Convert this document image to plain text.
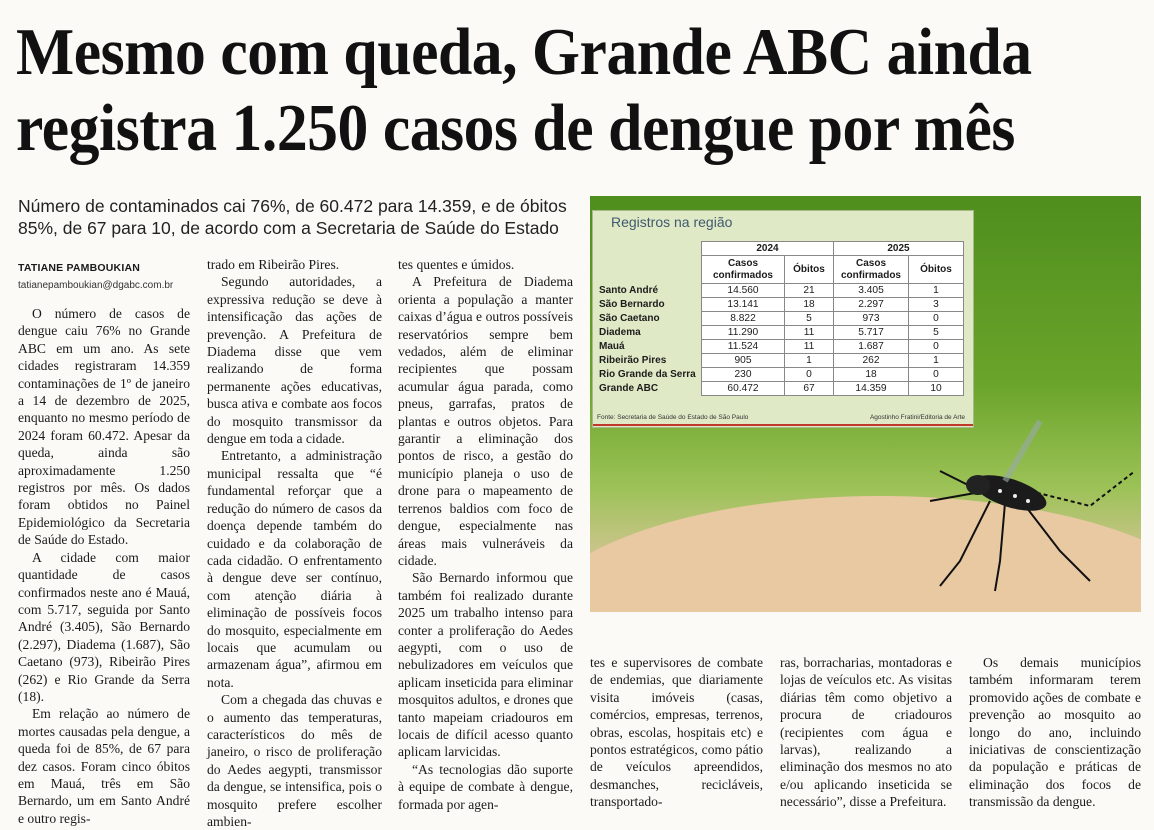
Mesmo com queda, Grande ABC ainda
registra 1.250 casos de dengue por mês
Número de contaminados cai 76%, de 60.472 para 14.359, e de óbitos 85%, de 67 para 10, de acordo com a Secretaria de Saúde do Estado
TATIANE PAMBOUKIAN
tatianepamboukian@dgabc.com.br

O número de casos de dengue caiu 76% no Grande ABC em um ano. As sete cidades registraram 14.359 contaminações de 1º de janeiro a 14 de dezembro de 2025, enquanto no mesmo período de 2024 foram 60.472. Apesar da queda, ainda são aproximadamente 1.250 registros por mês. Os dados foram obtidos no Painel Epidemiológico da Secretaria de Saúde do Estado.

A cidade com maior quantidade de casos confirmados neste ano é Mauá, com 5.717, seguida por Santo André (3.405), São Bernardo (2.297), Diadema (1.687), São Caetano (973), Ribeirão Pires (262) e Rio Grande da Serra (18).

Em relação ao número de mortes causadas pela dengue, a queda foi de 85%, de 67 para dez casos. Foram cinco óbitos em Mauá, três em São Bernardo, um em Santo André e outro regis-

trado em Ribeirão Pires.

Segundo autoridades, a expressiva redução se deve à intensificação das ações de prevenção. A Prefeitura de Diadema disse que vem realizando de forma permanente ações educativas, busca ativa e combate aos focos do mosquito transmissor da dengue em toda a cidade.

Entretanto, a administração municipal ressalta que “é fundamental reforçar que a redução do número de casos da doença depende também do cuidado e da colaboração de cada cidadão. O enfrentamento à dengue deve ser contínuo, com atenção diária à eliminação de possíveis focos do mosquito, especialmente em locais que acumulam ou armazenam água”, afirmou em nota.

Com a chegada das chuvas e o aumento das temperaturas, característicos do mês de janeiro, o risco de proliferação do Aedes aegypti, transmissor da dengue, se intensifica, pois o mosquito prefere escolher ambien-

tes quentes e úmidos.

A Prefeitura de Diadema orienta a população a manter caixas d’água e outros possíveis reservatórios sempre bem vedados, além de eliminar recipientes que possam acumular água parada, como pneus, garrafas, pratos de plantas e outros objetos. Para garantir a eliminação dos pontos de risco, a gestão do município planeja o uso de drone para o mapeamento de terrenos baldios com foco de dengue, especialmente nas áreas mais vulneráveis da cidade.

São Bernardo informou que também foi realizado durante 2025 um trabalho intenso para conter a proliferação do Aedes aegypti, com o uso de nebulizadores em veículos que aplicam inseticida para eliminar mosquitos adultos, e drones que tanto mapeiam criadouros em locais de difícil acesso quanto aplicam larvicidas.

“As tecnologias dão suporte à equipe de combate à dengue, formada por agen-

Registros na região
	2024		2025	
	Casos confirmados	Óbitos	Casos confirmados	Óbitos
Santo André	14.560	21	3.405	1
São Bernardo	13.141	18	2.297	3
São Caetano	8.822	5	973	0
Diadema	11.290	11	5.717	5
Mauá	11.524	11	1.687	0
Ribeirão Pires	905	1	262	1
Rio Grande da Serra	230	0	18	0
Grande ABC	60.472	67	14.359	10
Fonte: Secretaria de Saúde do Estado de São Paulo	Agostinho Fratini/Editoria de Arte

tes e supervisores de combate de endemias, que diariamente visita imóveis (casas, comércios, empresas, terrenos, obras, escolas, hospitais etc) e pontos estratégicos, como pátio de veículos apreendidos, desmanches, recicláveis, transportado-

ras, borracharias, montadoras e lojas de veículos etc. As visitas diárias têm como objetivo a procura de criadouros (recipientes com água e larvas), realizando a eliminação dos mesmos no ato e/ou aplicando inseticida se necessário”, disse a Prefeitura.

Os demais municípios também informaram terem promovido ações de combate e prevenção ao mosquito ao longo do ano, incluindo iniciativas de conscientização da população e práticas de eliminação dos focos de transmissão da dengue.
